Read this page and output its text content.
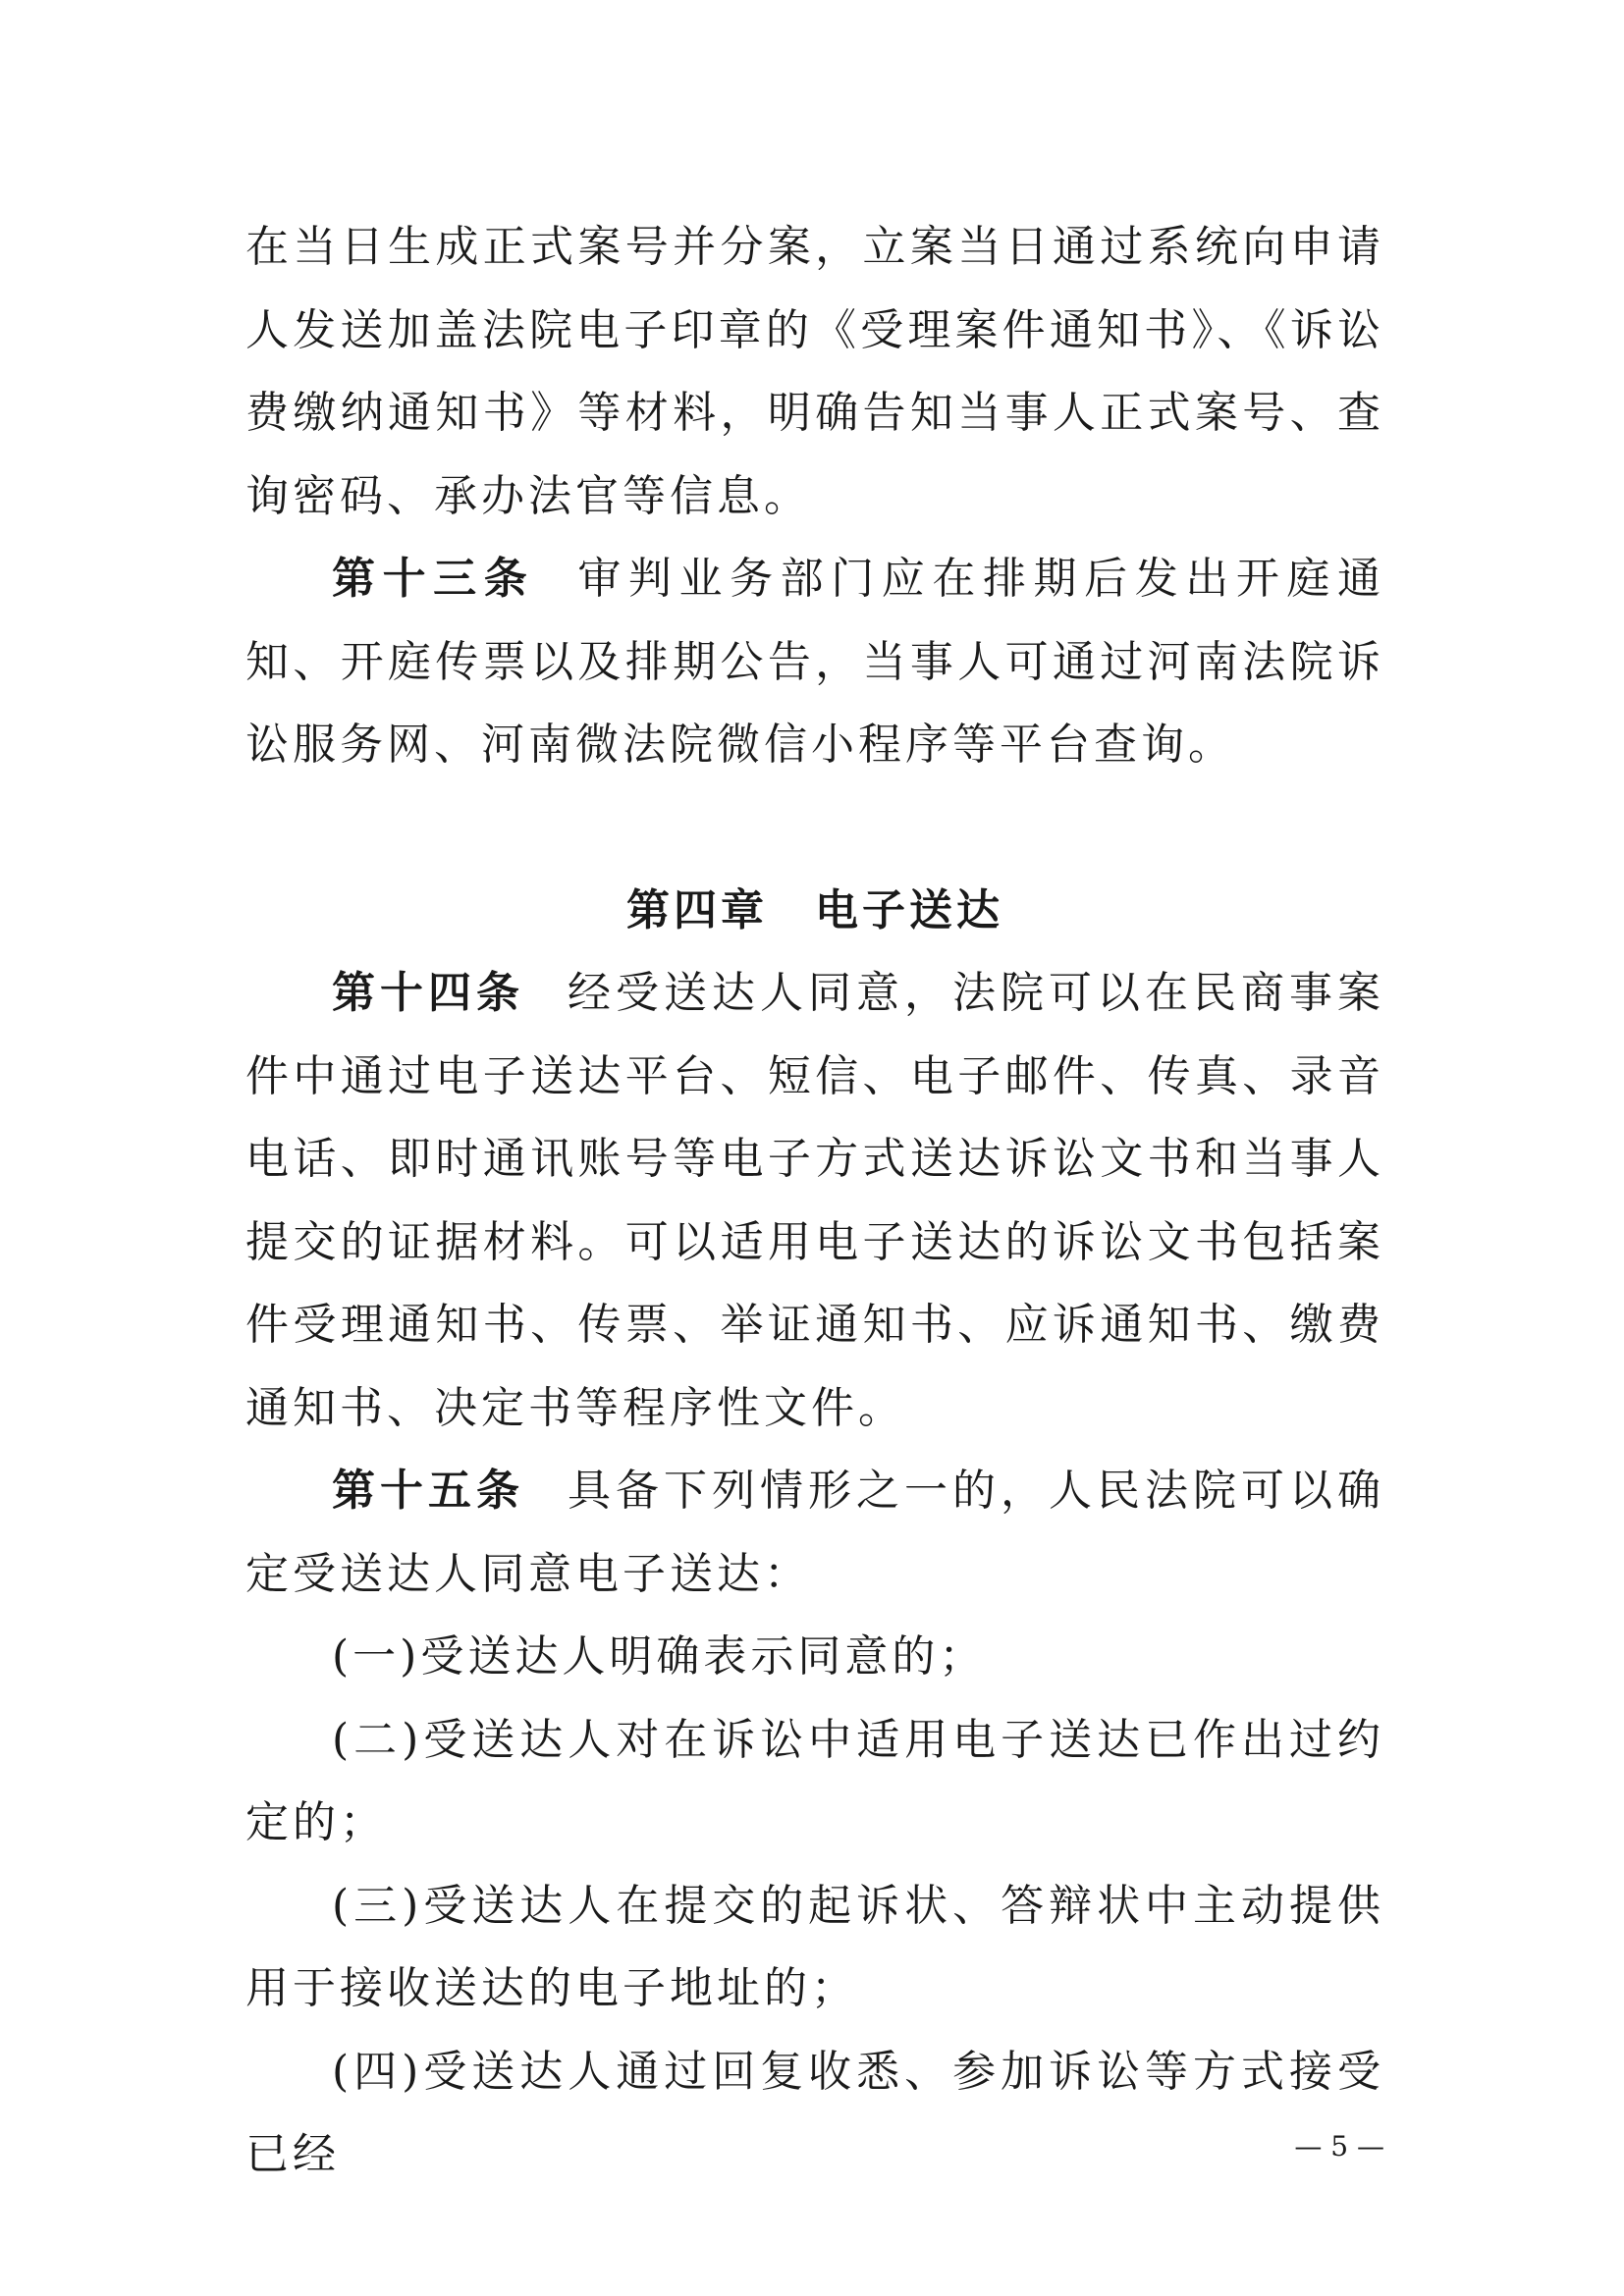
在当日生成正式案号并分案，立案当日通过系统向申请人发送加盖法院电子印章的《受理案件通知书》、《诉讼费缴纳通知书》等材料，明确告知当事人正式案号、查询密码、承办法官等信息。

第十三条 审判业务部门应在排期后发出开庭通知、开庭传票以及排期公告，当事人可通过河南法院诉讼服务网、河南微法院微信小程序等平台查询。

第四章　电子送达

第十四条 经受送达人同意，法院可以在民商事案件中通过电子送达平台、短信、电子邮件、传真、录音电话、即时通讯账号等电子方式送达诉讼文书和当事人提交的证据材料。可以适用电子送达的诉讼文书包括案件受理通知书、传票、举证通知书、应诉通知书、缴费通知书、决定书等程序性文件。

第十五条 具备下列情形之一的，人民法院可以确定受送达人同意电子送达：

(一)受送达人明确表示同意的；

(二)受送达人对在诉讼中适用电子送达已作出过约定的；

(三)受送达人在提交的起诉状、答辩状中主动提供用于接收送达的电子地址的；

(四)受送达人通过回复收悉、参加诉讼等方式接受已经	— 5 —
